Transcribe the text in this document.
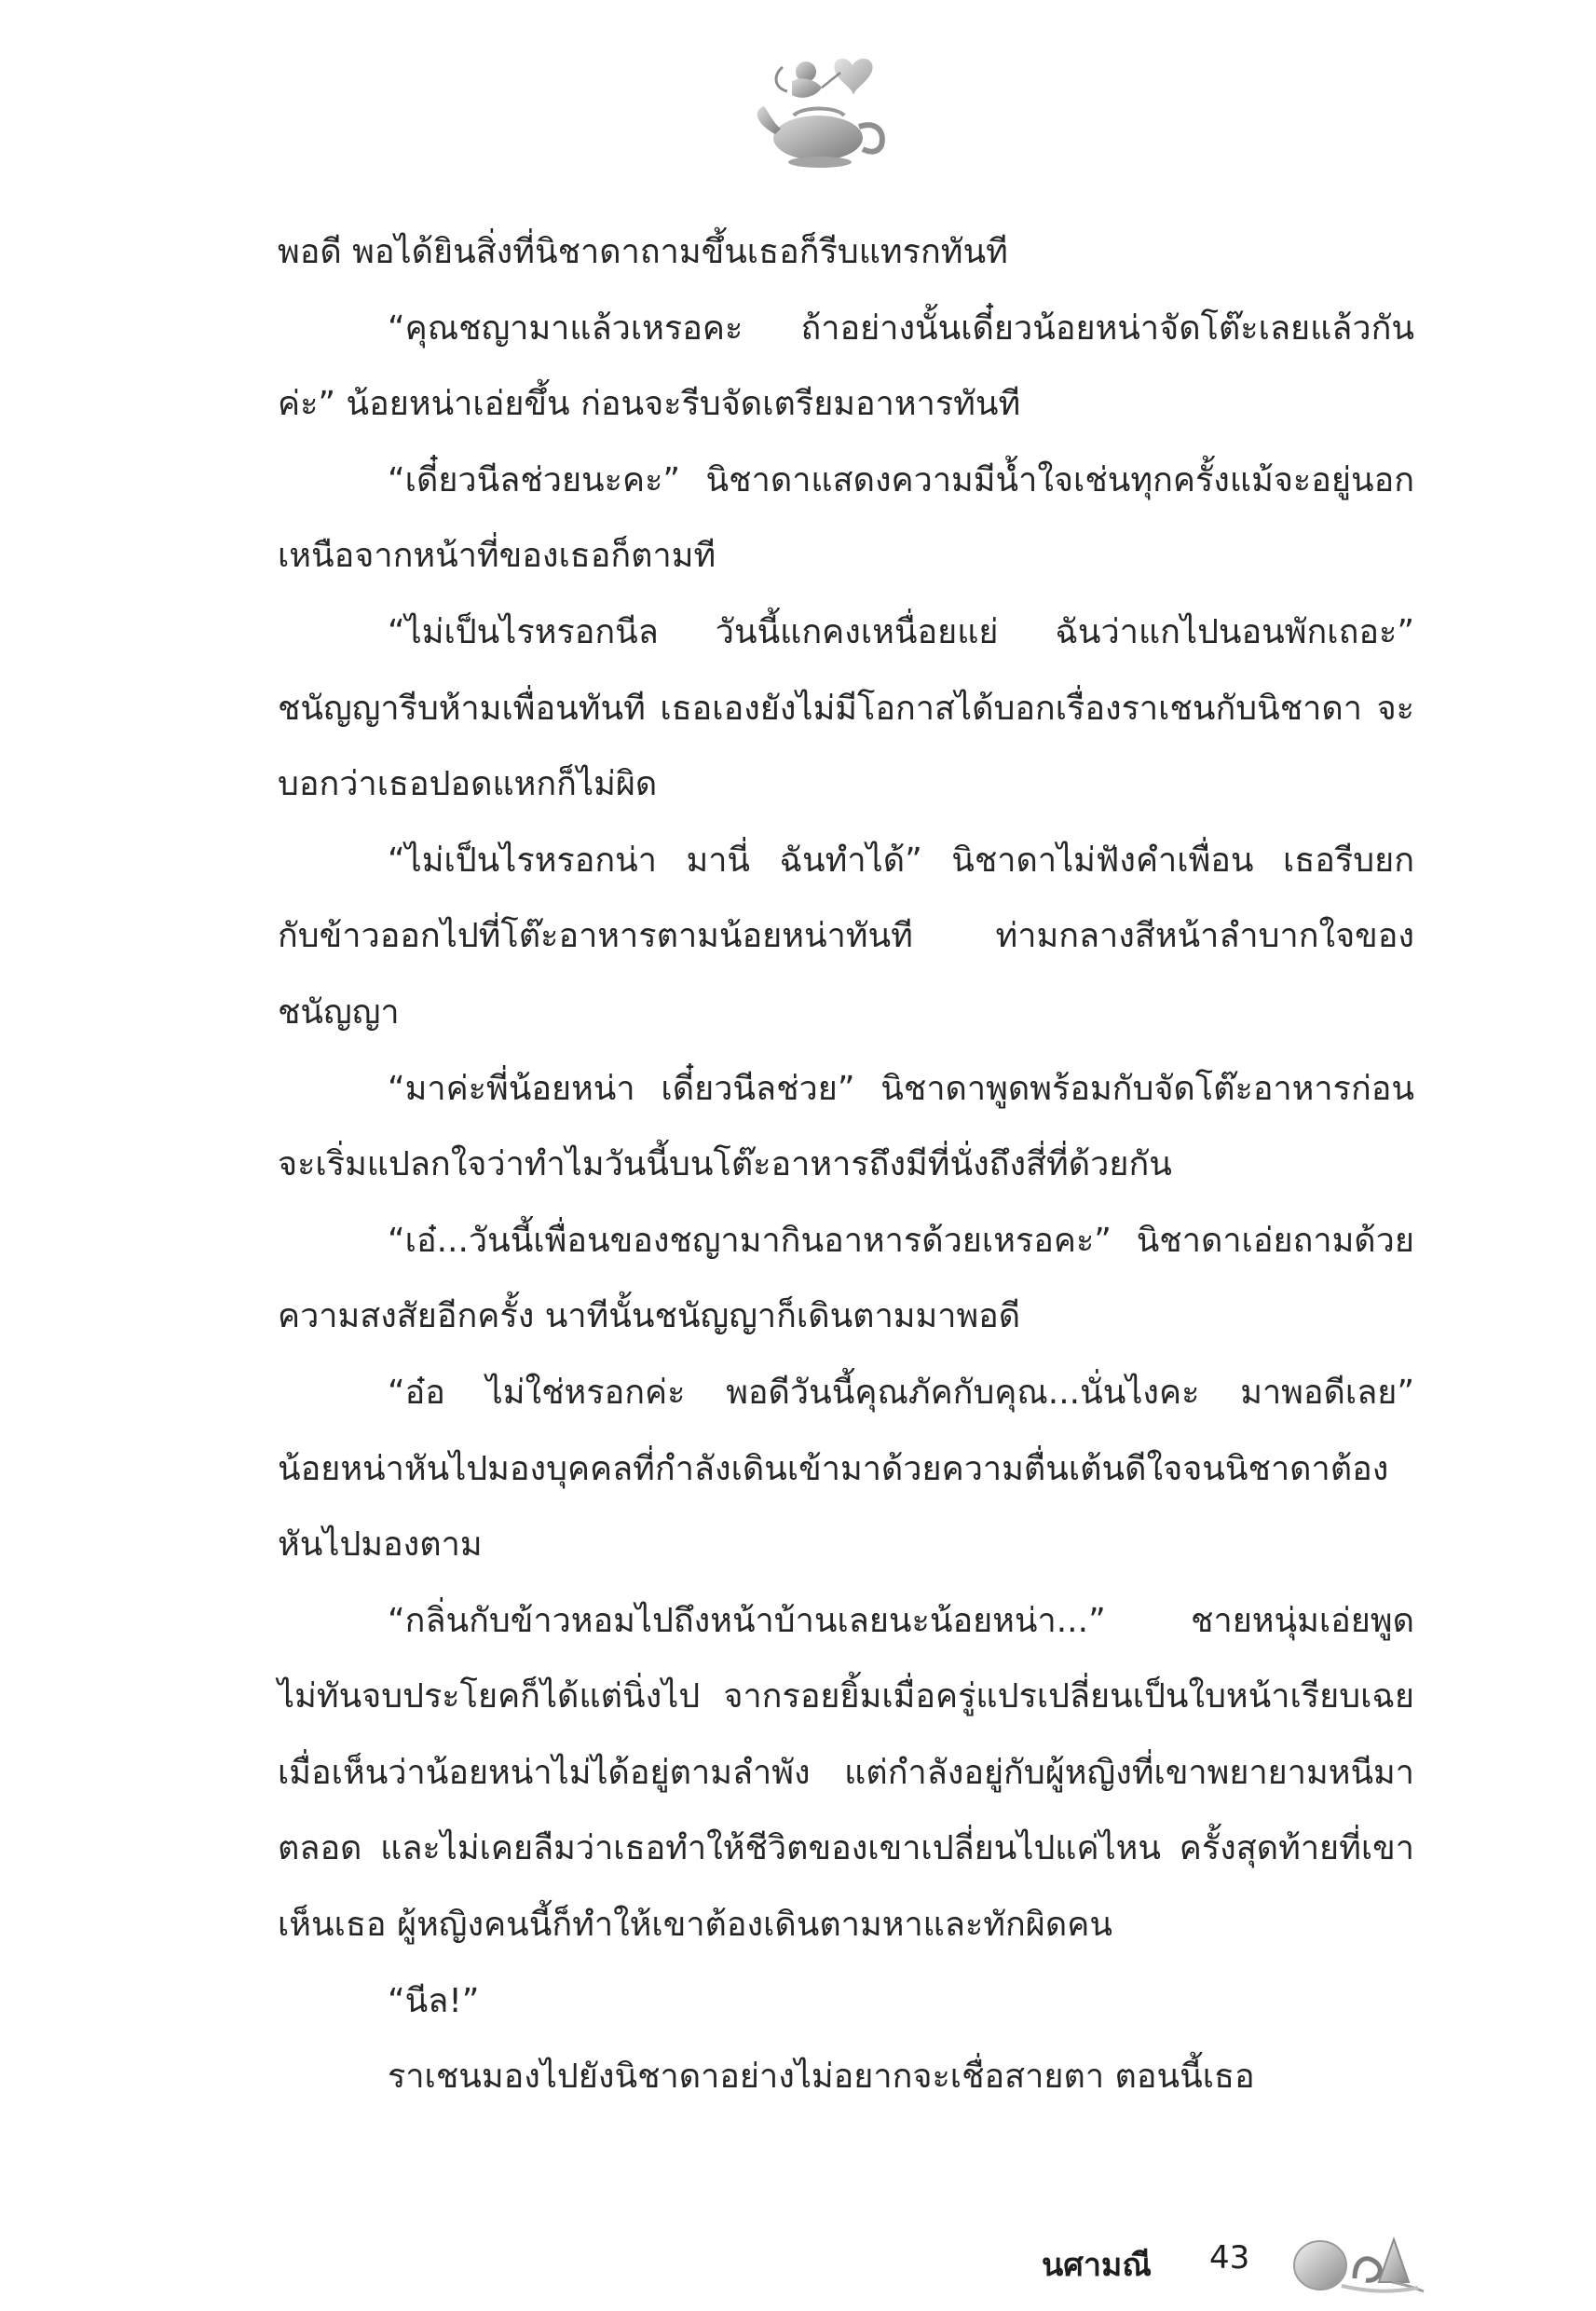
พอดี พอได้ยินสิ่งที่นิชาดาถามขึ้นเธอก็รีบแทรกทันที

“คุณชญามาแล้วเหรอคะ ถ้าอย่างนั้นเดี๋ยวน้อยหน่าจัดโต๊ะเลยแล้วกันค่ะ” น้อยหน่าเอ่ยขึ้น ก่อนจะรีบจัดเตรียมอาหารทันที

“เดี๋ยวนีลช่วยนะคะ” นิชาดาแสดงความมีน้ำใจเช่นทุกครั้งแม้จะอยู่นอกเหนือจากหน้าที่ของเธอก็ตามที

“ไม่เป็นไรหรอกนีล วันนี้แกคงเหนื่อยแย่ ฉันว่าแกไปนอนพักเถอะ” ชนัญญารีบห้ามเพื่อนทันที เธอเองยังไม่มีโอกาสได้บอกเรื่องราเชนกับนิชาดา จะบอกว่าเธอปอดแหกก็ไม่ผิด

“ไม่เป็นไรหรอกน่า มานี่ ฉันทำได้” นิชาดาไม่ฟังคำเพื่อน เธอรีบยกกับข้าวออกไปที่โต๊ะอาหารตามน้อยหน่าทันที ท่ามกลางสีหน้าลำบากใจของชนัญญา

“มาค่ะพี่น้อยหน่า เดี๋ยวนีลช่วย” นิชาดาพูดพร้อมกับจัดโต๊ะอาหารก่อนจะเริ่มแปลกใจว่าทำไมวันนี้บนโต๊ะอาหารถึงมีที่นั่งถึงสี่ที่ด้วยกัน

“เอ๋...วันนี้เพื่อนของชญามากินอาหารด้วยเหรอคะ” นิชาดาเอ่ยถามด้วยความสงสัยอีกครั้ง นาทีนั้นชนัญญาก็เดินตามมาพอดี

“อ๋อ ไม่ใช่หรอกค่ะ พอดีวันนี้คุณภัคกับคุณ...นั่นไงคะ มาพอดีเลย” น้อยหน่าหันไปมองบุคคลที่กำลังเดินเข้ามาด้วยความตื่นเต้นดีใจจนนิชาดาต้องหันไปมองตาม

“กลิ่นกับข้าวหอมไปถึงหน้าบ้านเลยนะน้อยหน่า...” ชายหนุ่มเอ่ยพูดไม่ทันจบประโยคก็ได้แต่นิ่งไป จากรอยยิ้มเมื่อครู่แปรเปลี่ยนเป็นใบหน้าเรียบเฉย เมื่อเห็นว่าน้อยหน่าไม่ได้อยู่ตามลำพัง แต่กำลังอยู่กับผู้หญิงที่เขาพยายามหนีมาตลอด และไม่เคยลืมว่าเธอทำให้ชีวิตของเขาเปลี่ยนไปแค่ไหน ครั้งสุดท้ายที่เขาเห็นเธอ ผู้หญิงคนนี้ก็ทำให้เขาต้องเดินตามหาและทักผิดคน

“นีล!”

ราเชนมองไปยังนิชาดาอย่างไม่อยากจะเชื่อสายตา ตอนนี้เธอ

นศามณี 43
